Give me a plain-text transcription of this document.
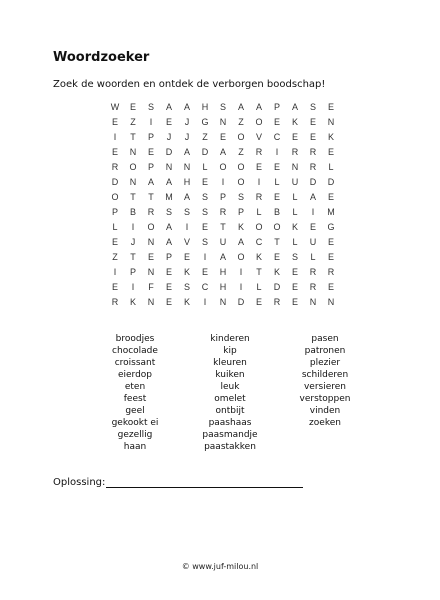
Woordzoeker
Zoek de woorden en ontdek de verborgen boodschap!
W	E	S	A	A	H	S	A	A	P	A	S	E
E	Z	I	E	J	G	N	Z	O	E	K	E	N
I	T	P	J	J	Z	E	O	V	C	E	E	K
E	N	E	D	A	D	A	Z	R	I	R	R	E
R	O	P	N	N	L	O	O	E	E	N	R	L
D	N	A	A	H	E	I	O	I	L	U	D	D
O	T	T	M	A	S	P	S	R	E	L	A	E
P	B	R	S	S	S	R	P	L	B	L	I	M
L	I	O	A	I	E	T	K	O	O	K	E	G
E	J	N	A	V	S	U	A	C	T	L	U	E
Z	T	E	P	E	I	A	O	K	E	S	L	E
I	P	N	E	K	E	H	I	T	K	E	R	R
E	I	F	E	S	C	H	I	L	D	E	R	E
R	K	N	E	K	I	N	D	E	R	E	N	N
broodjes
chocolade
croissant
eierdop
eten
feest
geel
gekookt ei
gezellig
haan
kinderen
kip
kleuren
kuiken
leuk
omelet
ontbijt
paashaas
paasmandje
paastakken
pasen
patronen
plezier
schilderen
versieren
verstoppen
vinden
zoeken
Oplossing:
© www.juf-milou.nl
